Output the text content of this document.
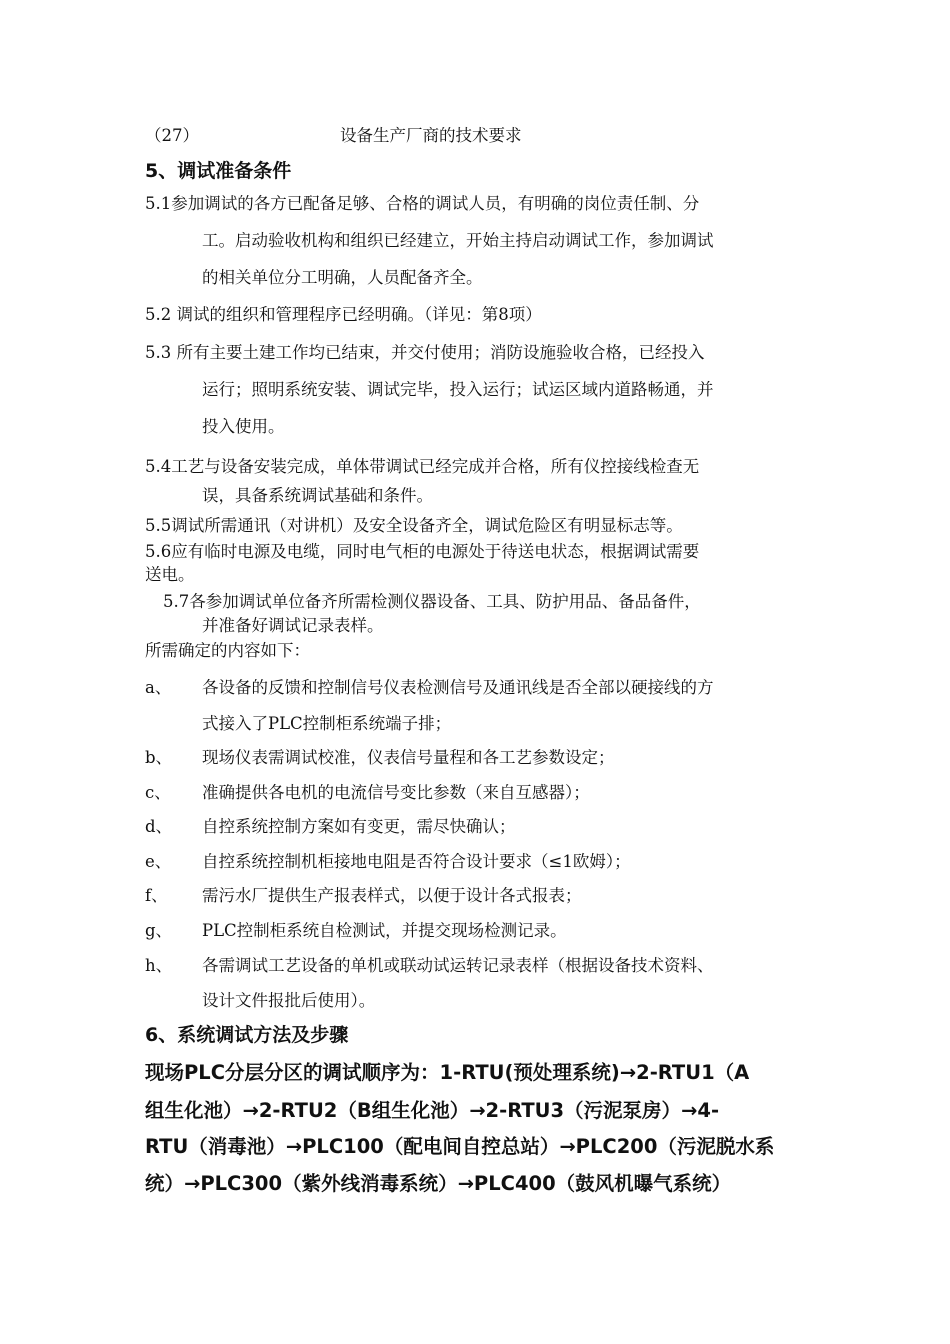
（27）	设备生产厂商的技术要求
5、调试准备条件
5.1参加调试的各方已配备足够、合格的调试人员，有明确的岗位责任制、分
工。启动验收机构和组织已经建立，开始主持启动调试工作，参加调试
的相关单位分工明确，人员配备齐全。
5.2 调试的组织和管理程序已经明确。（详见：第8项）
5.3 所有主要土建工作均已结束，并交付使用；消防设施验收合格，已经投入
运行；照明系统安装、调试完毕，投入运行；试运区域内道路畅通，并
投入使用。
5.4工艺与设备安装完成，单体带调试已经完成并合格，所有仪控接线检查无
误，具备系统调试基础和条件。
5.5调试所需通讯（对讲机）及安全设备齐全，调试危险区有明显标志等。
5.6应有临时电源及电缆，同时电气柜的电源处于待送电状态，根据调试需要
送电。
5.7各参加调试单位备齐所需检测仪器设备、工具、防护用品、备品备件，
并准备好调试记录表样。
所需确定的内容如下：
a、 各设备的反馈和控制信号仪表检测信号及通讯线是否全部以硬接线的方
式接入了PLC控制柜系统端子排；
b、 现场仪表需调试校准，仪表信号量程和各工艺参数设定；
c、 准确提供各电机的电流信号变比参数（来自互感器）；
d、 自控系统控制方案如有变更，需尽快确认；
e、 自控系统控制机柜接地电阻是否符合设计要求（≤1欧姆）；
f、 需污水厂提供生产报表样式，以便于设计各式报表；
g、 PLC控制柜系统自检测试，并提交现场检测记录。
h、 各需调试工艺设备的单机或联动试运转记录表样（根据设备技术资料、
设计文件报批后使用）。
6、系统调试方法及步骤
现场PLC分层分区的调试顺序为：1-RTU(预处理系统)→2-RTU1（A
组生化池）→2-RTU2（B组生化池）→2-RTU3（污泥泵房）→4-
RTU（消毒池）→PLC100（配电间自控总站）→PLC200（污泥脱水系
统）→PLC300（紫外线消毒系统）→PLC400（鼓风机曝气系统）
